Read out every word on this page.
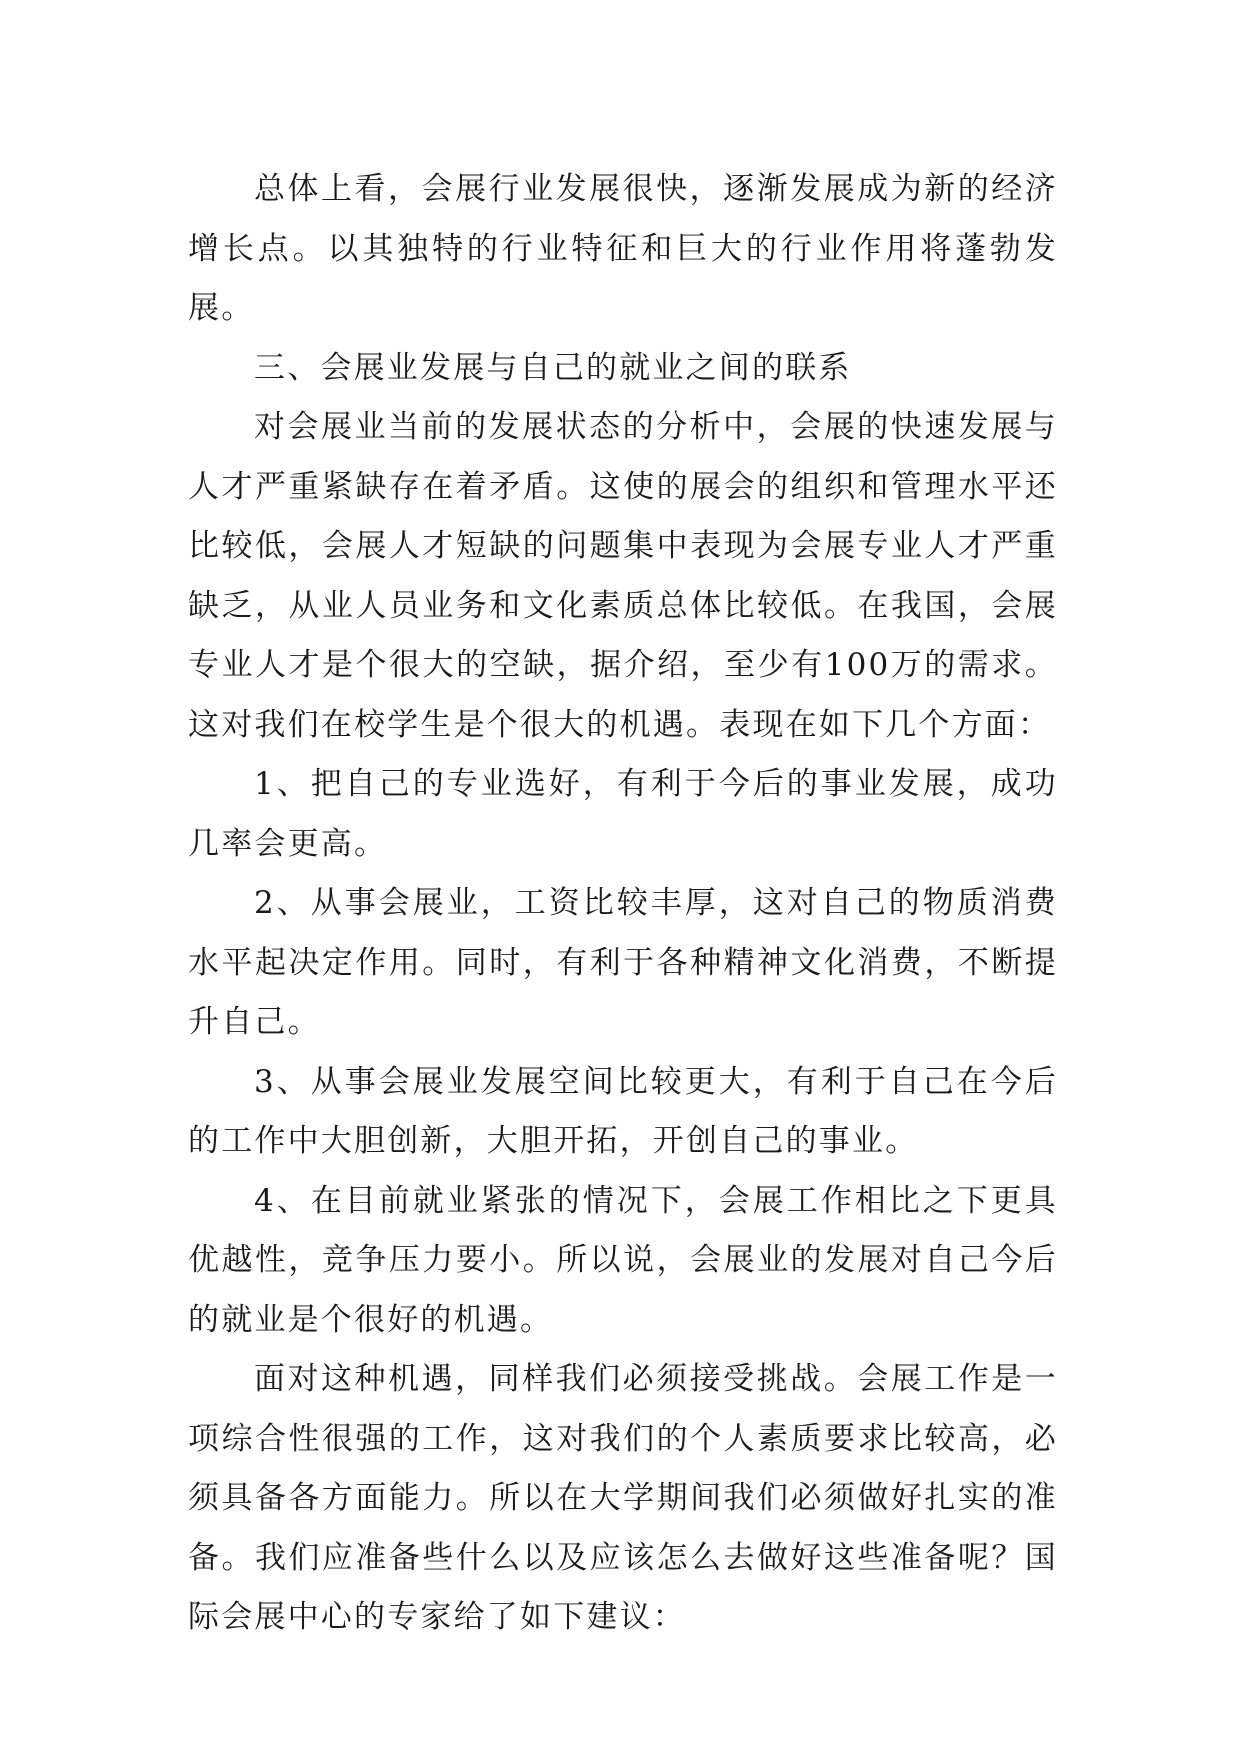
总体上看，会展行业发展很快，逐渐发展成为新的经济增长点。以其独特的行业特征和巨大的行业作用将蓬勃发展。

三、会展业发展与自己的就业之间的联系

对会展业当前的发展状态的分析中，会展的快速发展与人才严重紧缺存在着矛盾。这使的展会的组织和管理水平还比较低，会展人才短缺的问题集中表现为会展专业人才严重缺乏，从业人员业务和文化素质总体比较低。在我国，会展专业人才是个很大的空缺，据介绍，至少有100万的需求。这对我们在校学生是个很大的机遇。表现在如下几个方面：

1、把自己的专业选好，有利于今后的事业发展，成功几率会更高。

2、从事会展业，工资比较丰厚，这对自己的物质消费水平起决定作用。同时，有利于各种精神文化消费，不断提升自己。

3、从事会展业发展空间比较更大，有利于自己在今后的工作中大胆创新，大胆开拓，开创自己的事业。

4、在目前就业紧张的情况下，会展工作相比之下更具优越性，竞争压力要小。所以说，会展业的发展对自己今后的就业是个很好的机遇。

面对这种机遇，同样我们必须接受挑战。会展工作是一项综合性很强的工作，这对我们的个人素质要求比较高，必须具备各方面能力。所以在大学期间我们必须做好扎实的准备。我们应准备些什么以及应该怎么去做好这些准备呢？国际会展中心的专家给了如下建议：
